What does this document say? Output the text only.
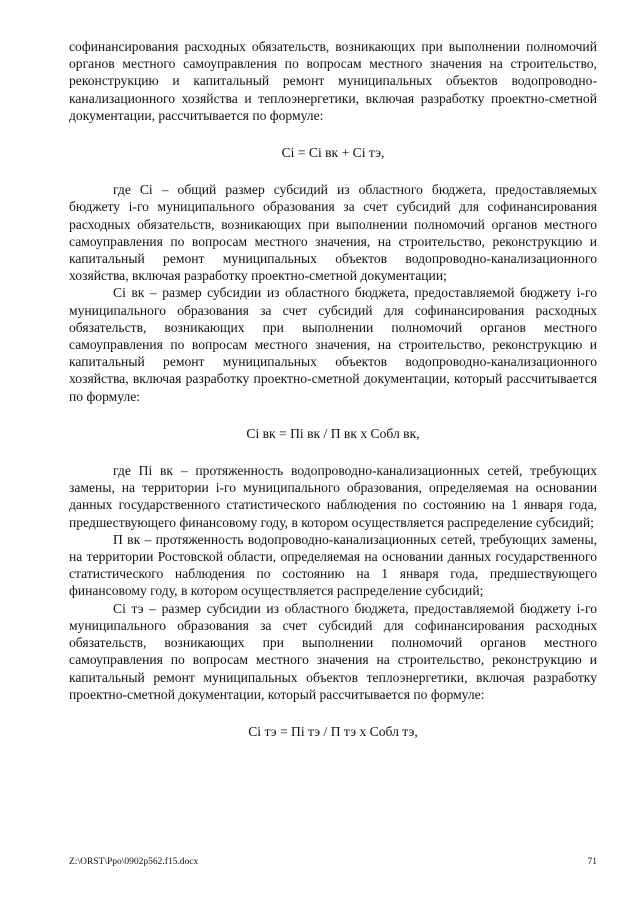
софинансирования расходных обязательств, возникающих при выполнении полномочий органов местного самоуправления по вопросам местного значения на строительство, реконструкцию и капитальный ремонт муниципальных объектов водопроводно-канализационного хозяйства и теплоэнергетики, включая разработку проектно-сметной документации, рассчитывается по формуле:

Ci = Ci вк + Ci тэ,

где Ci – общий размер субсидий из областного бюджета, предоставляемых бюджету i-го муниципального образования за счет субсидий для софинансирования расходных обязательств, возникающих при выполнении полномочий органов местного самоуправления по вопросам местного значения, на строительство, реконструкцию и капитальный ремонт муниципальных объектов водопроводно-канализационного хозяйства, включая разработку проектно-сметной документации;

Ci вк – размер субсидии из областного бюджета, предоставляемой бюджету i-го муниципального образования за счет субсидий для софинансирования расходных обязательств, возникающих при выполнении полномочий органов местного самоуправления по вопросам местного значения, на строительство, реконструкцию и капитальный ремонт муниципальных объектов водопроводно-канализационного хозяйства, включая разработку проектно-сметной документации, который рассчитывается по формуле:

Ci вк = Пi вк / П вк х Собл вк,

где Пi вк – протяженность водопроводно-канализационных сетей, требующих замены, на территории i-го муниципального образования, определяемая на основании данных государственного статистического наблюдения по состоянию на 1 января года, предшествующего финансовому году, в котором осуществляется распределение субсидий;

П вк – протяженность водопроводно-канализационных сетей, требующих замены, на территории Ростовской области, определяемая на основании данных государственного статистического наблюдения по состоянию на 1 января года, предшествующего финансовому году, в котором осуществляется распределение субсидий;

Ci тэ – размер субсидии из областного бюджета, предоставляемой бюджету i-го муниципального образования за счет субсидий для софинансирования расходных обязательств, возникающих при выполнении полномочий органов местного самоуправления по вопросам местного значения на строительство, реконструкцию и капитальный ремонт муниципальных объектов теплоэнергетики, включая разработку проектно-сметной документации, который рассчитывается по формуле:

Ci тэ = Пi тэ / П тэ х Собл тэ,

Z:\ORST\Ppo\0902p562.f15.docx	71
